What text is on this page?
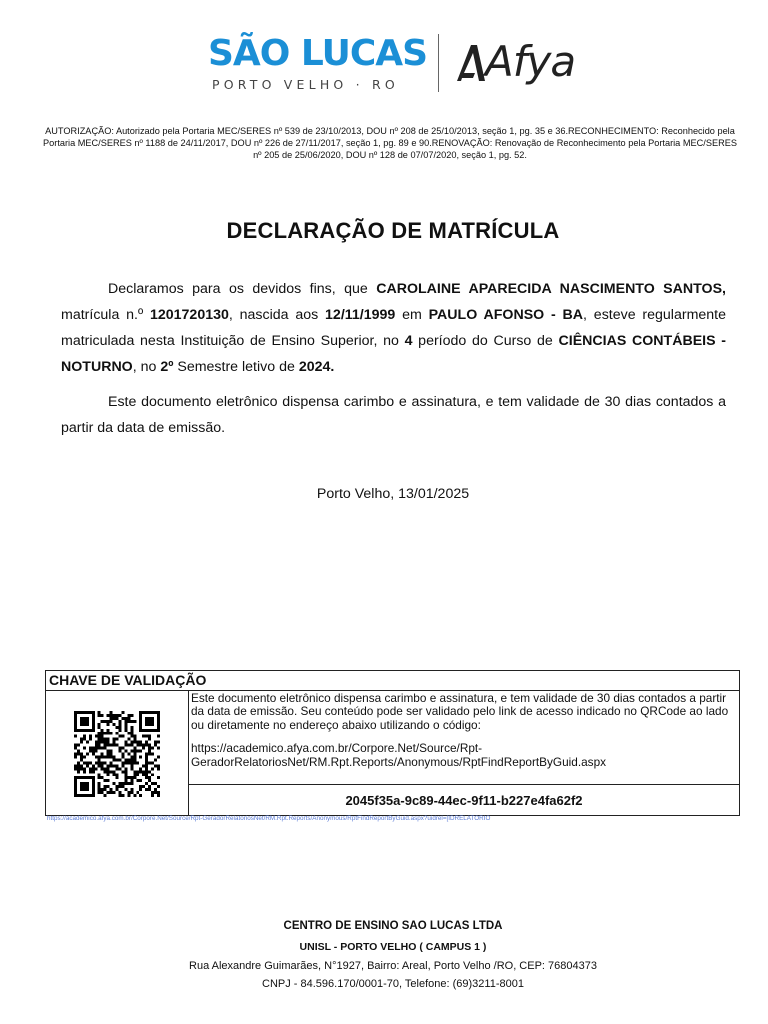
SÃO LUCAS
PORTO VELHO · RO	Afya
AUTORIZAÇÃO: Autorizado pela Portaria MEC/SERES nº 539 de 23/10/2013, DOU nº 208 de 25/10/2013, seção 1, pg. 35 e 36.RECONHECIMENTO: Reconhecido pela Portaria MEC/SERES nº 1188 de 24/11/2017, DOU nº 226 de 27/11/2017, seção 1, pg. 89 e 90.RENOVAÇÃO: Renovação de Reconhecimento pela Portaria MEC/SERES nº 205 de 25/06/2020, DOU nº 128 de 07/07/2020, seção 1, pg. 52.
DECLARAÇÃO DE MATRÍCULA

Declaramos para os devidos fins, que CAROLAINE APARECIDA NASCIMENTO SANTOS, matrícula n.º 1201720130, nascida aos 12/11/1999 em PAULO AFONSO - BA, esteve regularmente matriculada nesta Instituição de Ensino Superior, no 4 período do Curso de CIÊNCIAS CONTÁBEIS - NOTURNO, no 2º Semestre letivo de 2024.

Este documento eletrônico dispensa carimbo e assinatura, e tem validade de 30 dias contados a partir da data de emissão.

Porto Velho, 13/01/2025
CHAVE DE VALIDAÇÃO
Este documento eletrônico dispensa carimbo e assinatura, e tem validade de 30 dias contados a partir da data de emissão. Seu conteúdo pode ser validado pelo link de acesso indicado no QRCode ao lado ou diretamente no endereço abaixo utilizando o código:
https://academico.afya.com.br/Corpore.Net/Source/Rpt-GeradorRelatoriosNet/RM.Rpt.Reports/Anonymous/RptFindReportByGuid.aspx
2045f35a-9c89-44ec-9f11-b227e4fa62f2
https://academico.afya.com.br/Corpore.Net/Source/Rpt-GeradorRelatoriosNet/RM.Rpt.Reports/Anonymous/RptFindReportByGuid.aspx?uidrel=[IDRELATORIO
CENTRO DE ENSINO SAO LUCAS LTDA
UNISL - PORTO VELHO ( CAMPUS 1 )
Rua Alexandre Guimarães, N°1927, Bairro: Areal, Porto Velho /RO, CEP: 76804373
CNPJ - 84.596.170/0001-70, Telefone: (69)3211-8001
